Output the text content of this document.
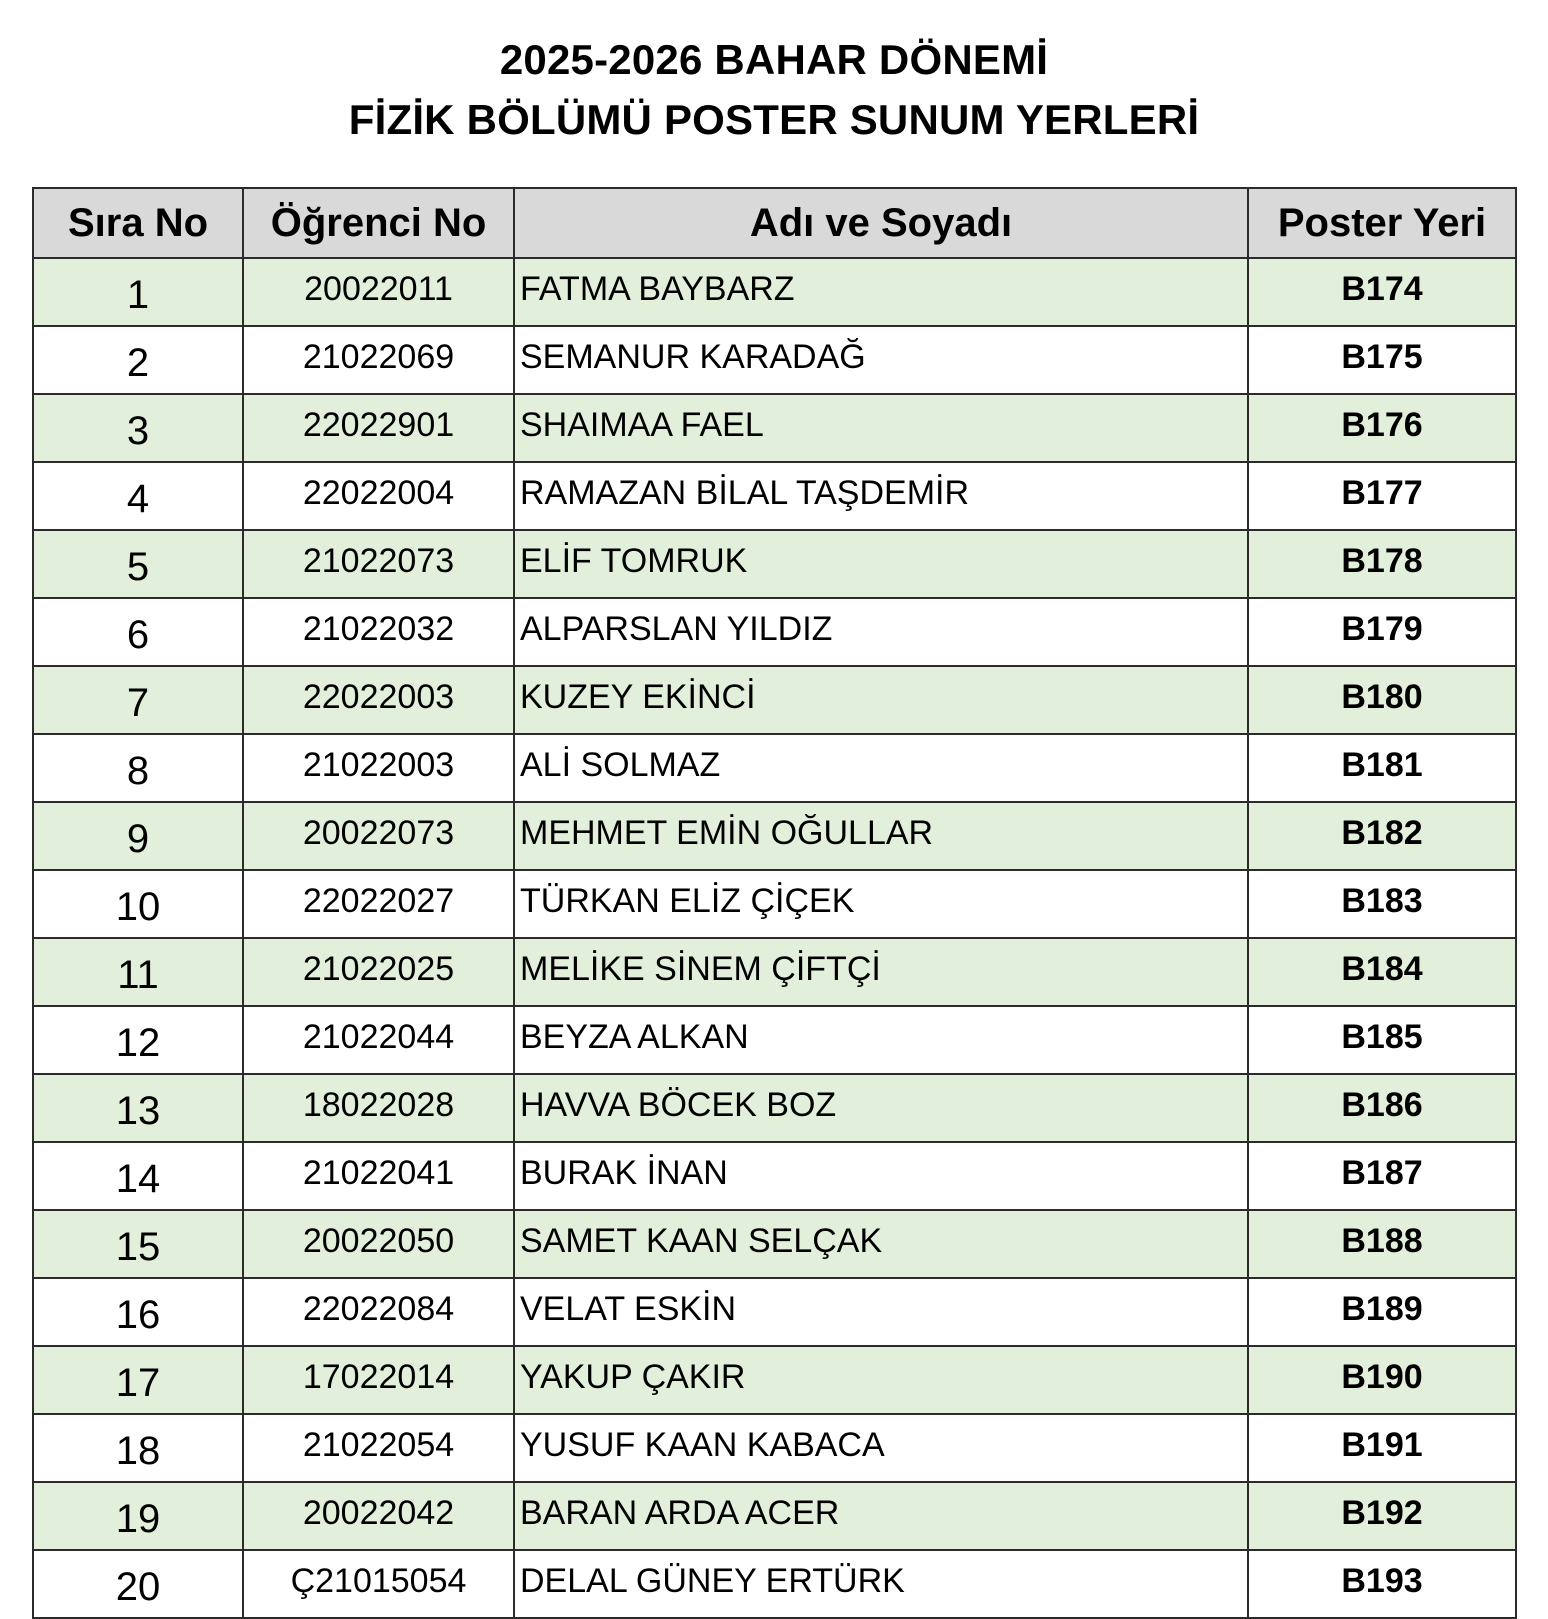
2025-2026 BAHAR DÖNEMİ
FİZİK BÖLÜMÜ POSTER SUNUM YERLERİ
Sıra No	Öğrenci No	Adı ve Soyadı	Poster Yeri
1	20022011	FATMA BAYBARZ	B174
2	21022069	SEMANUR KARADAĞ	B175
3	22022901	SHAIMAA FAEL	B176
4	22022004	RAMAZAN BİLAL TAŞDEMİR	B177
5	21022073	ELİF TOMRUK	B178
6	21022032	ALPARSLAN YILDIZ	B179
7	22022003	KUZEY EKİNCİ	B180
8	21022003	ALİ SOLMAZ	B181
9	20022073	MEHMET EMİN OĞULLAR	B182
10	22022027	TÜRKAN ELİZ ÇİÇEK	B183
11	21022025	MELİKE SİNEM ÇİFTÇİ	B184
12	21022044	BEYZA ALKAN	B185
13	18022028	HAVVA BÖCEK BOZ	B186
14	21022041	BURAK İNAN	B187
15	20022050	SAMET KAAN SELÇAK	B188
16	22022084	VELAT ESKİN	B189
17	17022014	YAKUP ÇAKIR	B190
18	21022054	YUSUF KAAN KABACA	B191
19	20022042	BARAN ARDA ACER	B192
20	Ç21015054	DELAL GÜNEY ERTÜRK	B193
